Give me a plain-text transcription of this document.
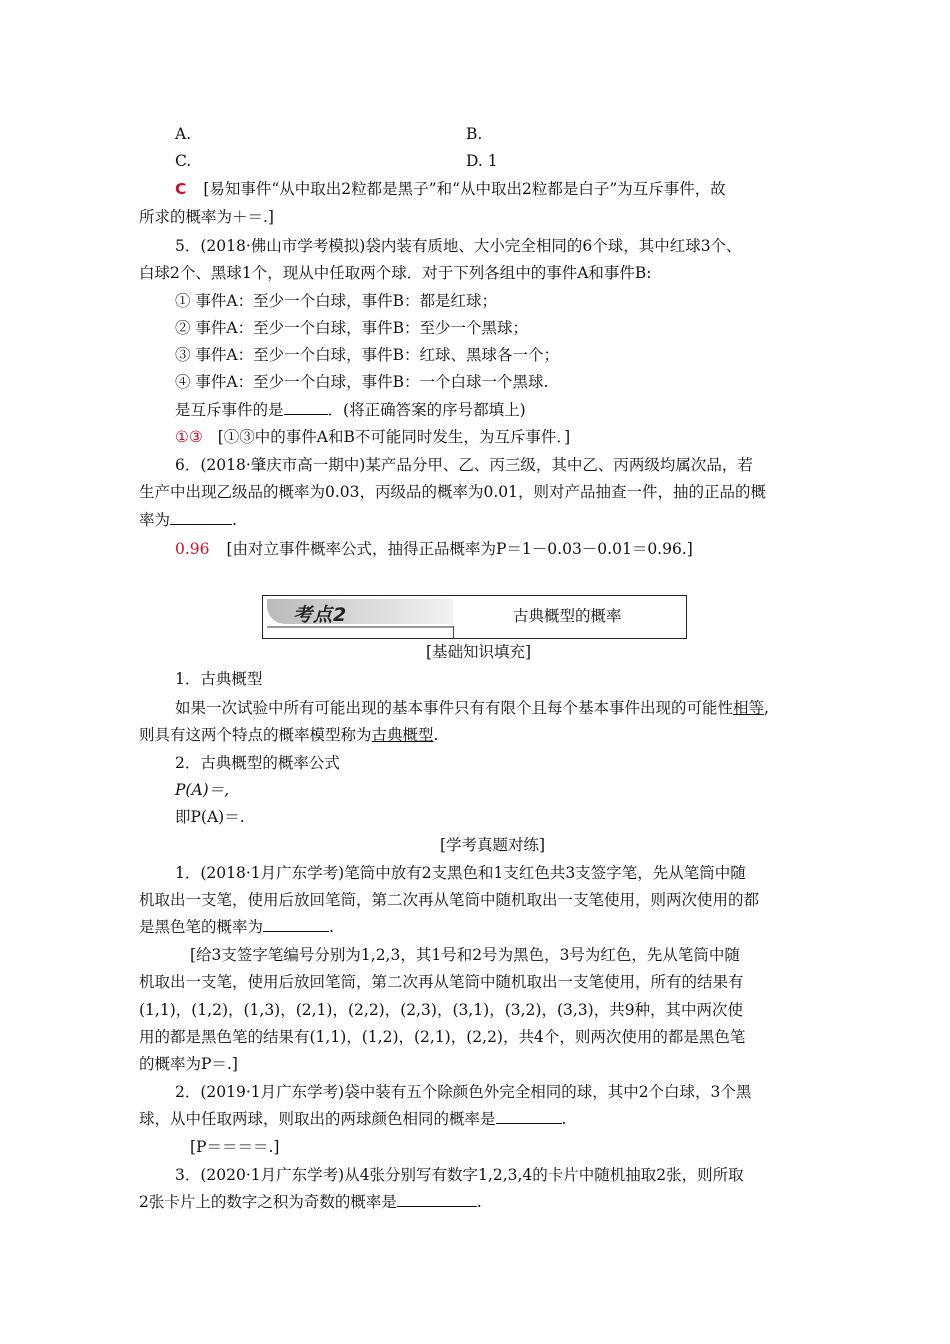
A.	B.
C.	D. 1
C [易知事件“从中取出2粒都是黑子”和“从中取出2粒都是白子”为互斥事件，故
所求的概率为＋＝.]
5．(2018·佛山市学考模拟)袋内装有质地、大小完全相同的6个球，其中红球3个、
白球2个、黑球1个，现从中任取两个球．对于下列各组中的事件A和事件B:
① 事件A：至少一个白球，事件B：都是红球；
② 事件A：至少一个白球，事件B：至少一个黑球；
③ 事件A：至少一个白球，事件B：红球、黑球各一个；
④ 事件A：至少一个白球，事件B：一个白球一个黑球.
是互斥事件的是	．(将正确答案的序号都填上)
①③ [①③中的事件A和B不可能同时发生，为互斥事件．]
6．(2018·肇庆市高一期中)某产品分甲、乙、丙三级，其中乙、丙两级均属次品，若
生产中出现乙级品的概率为0.03，丙级品的概率为0.01，则对产品抽查一件，抽的正品的概
率为	.
0.96 [由对立事件概率公式，抽得正品概率为P＝1－0.03－0.01＝0.96.]
考点2	古典概型的概率
[基础知识填充]
1．古典概型
如果一次试验中所有可能出现的基本事件只有有限个且每个基本事件出现的可能性相等,
则具有这两个特点的概率模型称为古典概型.
2．古典概型的概率公式
P(A)＝,
即P(A)＝.
[学考真题对练]
1．(2018·1月广东学考)笔筒中放有2支黑色和1支红色共3支签字笔，先从笔筒中随
机取出一支笔，使用后放回笔筒，第二次再从笔筒中随机取出一支笔使用，则两次使用的都
是黑色笔的概率为	.
[给3支签字笔编号分别为1,2,3，其1号和2号为黑色，3号为红色，先从笔筒中随
机取出一支笔，使用后放回笔筒，第二次再从笔筒中随机取出一支笔使用，所有的结果有
(1,1)，(1,2)，(1,3)，(2,1)，(2,2)，(2,3)，(3,1)，(3,2)，(3,3)，共9种，其中两次使
用的都是黑色笔的结果有(1,1)，(1,2)，(2,1)，(2,2)，共4个，则两次使用的都是黑色笔
的概率为P＝.]
2．(2019·1月广东学考)袋中装有五个除颜色外完全相同的球，其中2个白球，3个黑
球，从中任取两球，则取出的两球颜色相同的概率是	.
[P＝＝＝＝.]
3．(2020·1月广东学考)从4张分别写有数字1,2,3,4的卡片中随机抽取2张，则所取
2张卡片上的数字之积为奇数的概率是	.
